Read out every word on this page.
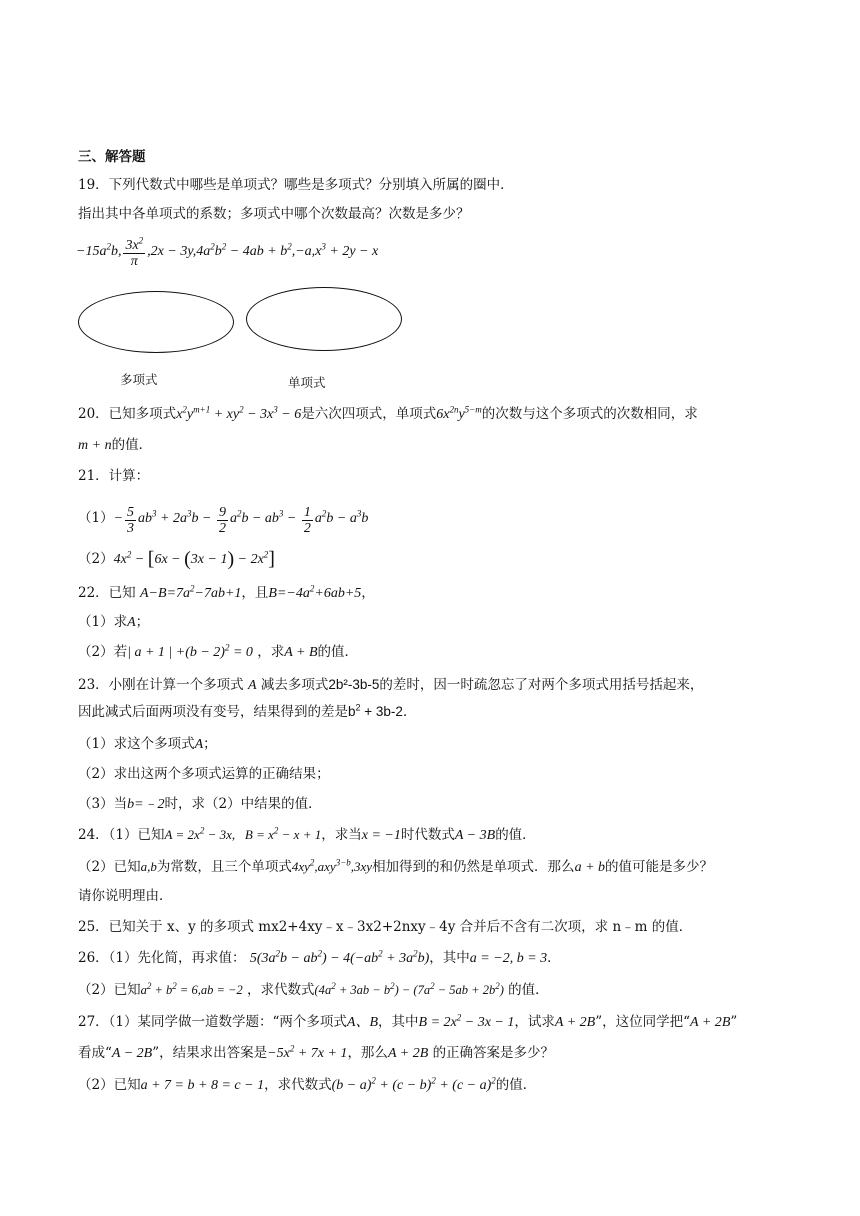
三、解答题
19．下列代数式中哪些是单项式？哪些是多项式？分别填入所属的圈中．
指出其中各单项式的系数；多项式中哪个次数最高？次数是多少？
$-15a^2b$, $\frac{3x^2}{\pi} ,2x - 3y,4a^2b^2 - 4ab + b^2,-a,x^3 + 2y - x$
多项式	单项式
20．已知多项式$x^2y^{m+1} + xy^2 - 3x^3 - 6$是六次四项式，单项式$6x^{2n}y^{5-m}$的次数与这个多项式的次数相同，求
m + n的值．
21．计算：
$(1)- \frac{5}{3} ab^3 + 2a^3b - \frac{9}{2} a^2b - ab^3 - \frac{1}{2} a^2b - a^3b$
$(2)4x^2 - [6x - (3x - 1) - 2x^2]$
22．已知 $A-B=7a^2-7ab+1$，且$B=-4a^2+6ab+5$，
（1）求A；
（2）若| a + 1 | $+(b - 2)^2 = 0$ ，求A + B的值．
23．小刚在计算一个多项式 A 减去多项式2b²-3b-5的差时，因一时疏忽忘了对两个多项式用括号括起来，
因此减式后面两项没有变号，结果得到的差是$b^2 + 3b-2$．
（1）求这个多项式A；
（2）求出这两个多项式运算的正确结果；
（3）当b=﹣2时，求（2）中结果的值．
24．（1）已知$A = 2x^2 - 3x$,   $B = x^2 - x + 1$，求当x = −1时代数式A − 3B的值．
（2）已知a,b为常数，且三个单项式$4xy^2,axy^{3-b},3xy$相加得到的和仍然是单项式．那么a + b的值可能是多少？
请你说明理由．
25．已知关于 x、y 的多项式 mx2+4xy﹣x﹣3x2+2nxy﹣4y 合并后不含有二次项，求 n﹣m 的值．
26．（1）先化简，再求值： $5(3a^2b - ab^2) - 4(-ab^2 + 3a^2b)$，其中a = −2, b = 3．
（2）已知$a^2 + b^2 = 6,ab = -2$ ，求代数式$(4a^2 + 3ab - b^2) - (7a^2 - 5ab + 2b^2)$ 的值．
27．（1）某同学做一道数学题：“两个多项式A、B，其中$B = 2x^2 - 3x - 1$，试求A + 2B”，这位同学把“A + 2B”
看成“A − 2B”，结果求出答案是$-5x^2 + 7x + 1$，那么A + 2B 的正确答案是多少？
（2）已知a + 7 = b + 8 = c − 1，求代数式$(b - a)^2 + (c - b)^2 + (c - a)^2$的值．
